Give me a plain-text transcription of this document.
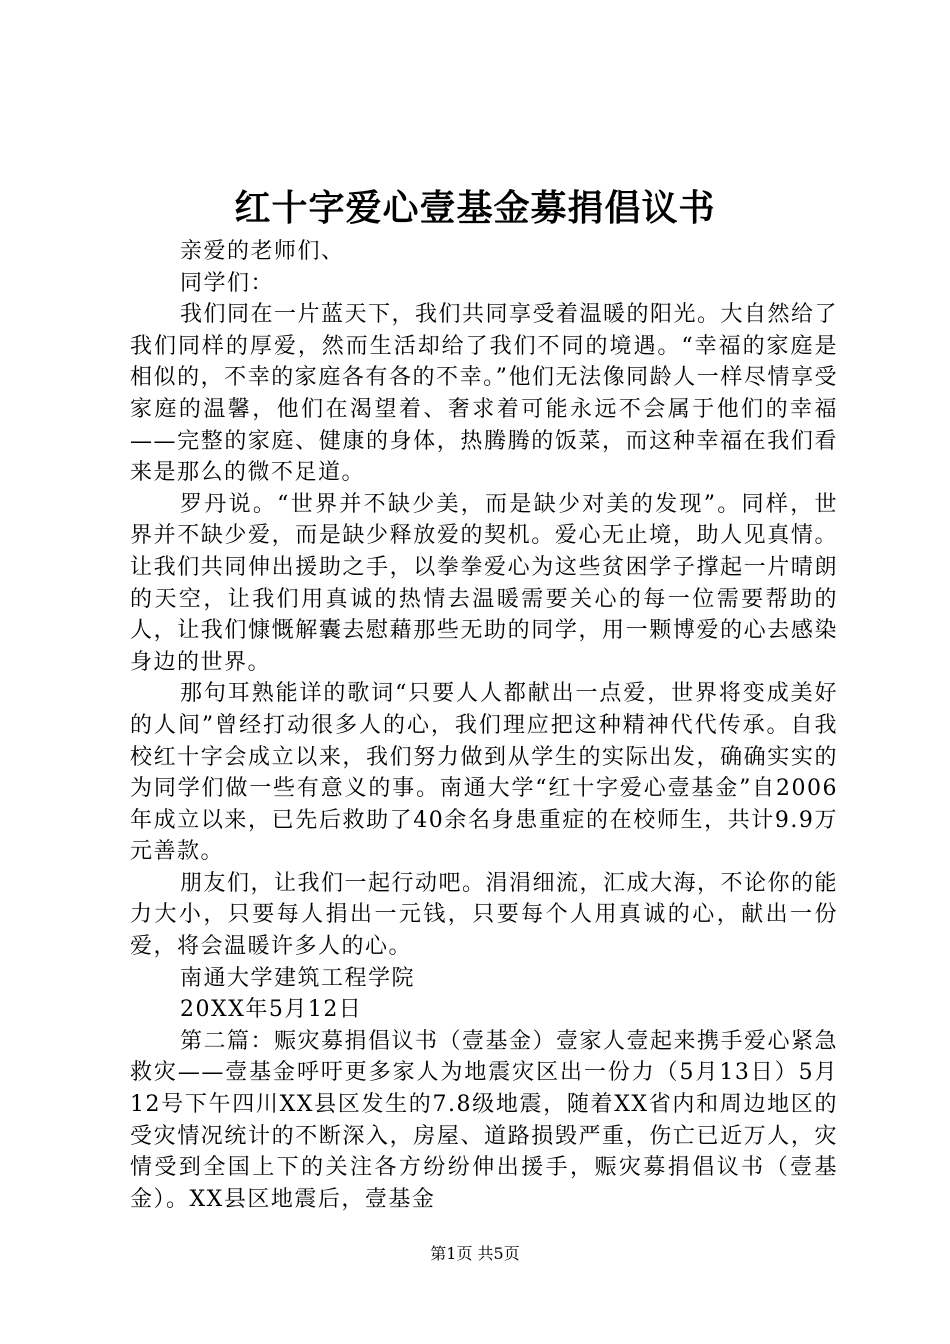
红十字爱心壹基金募捐倡议书

亲爱的老师们、

同学们：

我们同在一片蓝天下，我们共同享受着温暖的阳光。大自然给了我们同样的厚爱，然而生活却给了我们不同的境遇。“幸福的家庭是相似的，不幸的家庭各有各的不幸。”他们无法像同龄人一样尽情享受家庭的温馨，他们在渴望着、奢求着可能永远不会属于他们的幸福——完整的家庭、健康的身体，热腾腾的饭菜，而这种幸福在我们看来是那么的微不足道。

罗丹说。“世界并不缺少美，而是缺少对美的发现”。同样，世界并不缺少爱，而是缺少释放爱的契机。爱心无止境，助人见真情。让我们共同伸出援助之手，以拳拳爱心为这些贫困学子撑起一片晴朗的天空，让我们用真诚的热情去温暖需要关心的每一位需要帮助的人，让我们慷慨解囊去慰藉那些无助的同学，用一颗博爱的心去感染身边的世界。

那句耳熟能详的歌词“只要人人都献出一点爱，世界将变成美好的人间”曾经打动很多人的心，我们理应把这种精神代代传承。自我校红十字会成立以来，我们努力做到从学生的实际出发，确确实实的为同学们做一些有意义的事。南通大学“红十字爱心壹基金”自2006年成立以来，已先后救助了40余名身患重症的在校师生，共计9.9万元善款。

朋友们，让我们一起行动吧。涓涓细流，汇成大海，不论你的能力大小，只要每人捐出一元钱，只要每个人用真诚的心，献出一份爱，将会温暖许多人的心。

南通大学建筑工程学院

20XX年5月12日

第二篇：赈灾募捐倡议书（壹基金）壹家人壹起来携手爱心紧急救灾——壹基金呼吁更多家人为地震灾区出一份力（5月13日）5月12号下午四川XX县区发生的7.8级地震，随着XX省内和周边地区的受灾情况统计的不断深入，房屋、道路损毁严重，伤亡已近万人，灾情受到全国上下的关注各方纷纷伸出援手，赈灾募捐倡议书（壹基金）。XX县区地震后，壹基金

第1页 共5页
